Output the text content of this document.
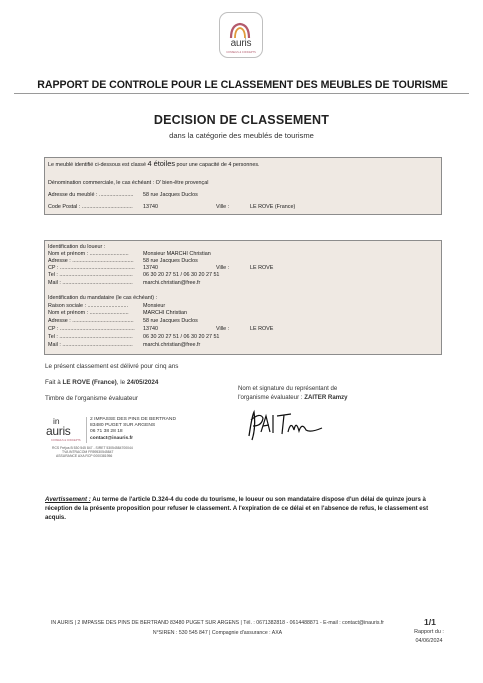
auris
CONSEILS & CONCEPTS
RAPPORT DE CONTROLE POUR LE CLASSEMENT DES MEUBLES DE TOURISME
DECISION DE CLASSEMENT
dans la catégorie des meublés de tourisme
Le meublé identifié ci-dessous est classé 4 étoiles pour une capacité de 4 personnes.
Dénomination commerciale, le cas échéant : O' bien-être provençal
Adresse du meublé : ....................... 58 rue Jacques Duclos
Code Postal : .................................. 13740	Ville :	LE ROVE (France)
Identification du loueur :
Nom et prénom : ..........................	Monsieur MARCHI Christian
Adresse : ......................................... 58 rue Jacques Duclos
CP : .................................................. 13740	Ville :	LE ROVE
Tel : ................................................. 06 30 20 27 51 / 06 30 20 27 51
Mail : ............................................... marchi.christian@free.fr
Identification du mandataire (le cas échéant) :
Raison sociale : ...........................	Monsieur
Nom et prénom : ..........................	MARCHI Christian
Adresse : ......................................... 58 rue Jacques Duclos
CP : .................................................. 13740	Ville :	LE ROVE
Tel : ................................................. 06 30 20 27 51 / 06 30 20 27 51
Mail : ............................................... marchi.christian@free.fr
Le présent classement est délivré pour cinq ans
Fait à LE ROVE (France), le 24/05/2024
Timbre de l'organisme évaluateur
Nom et signature du représentant de
l'organisme évaluateur : ZAITER Ramzy
in
auris
CONSEILS & CONCEPTS
2 IMPASSE DES PINS DE BERTRAND
83480 PUGET SUR ARGENS
06 71 38 28 18
contact@inauris.fr
RCS Fréjus B 530 545 847 - SIRET 53054584700044
TVA INTRACOM FR59530545847
ASSURANCE AXA RCP 0000381956
Avertissement : Au terme de l'article D.324-4 du code du tourisme, le loueur ou son mandataire dispose d'un délai de quinze jours à réception de la présente proposition pour refuser le classement. A l'expiration de ce délai et en l'absence de refus, le classement est acquis.
IN AURIS | 2 IMPASSE DES PINS DE BERTRAND 83480 PUGET SUR ARGENS | Tél. : 0671382818 - 0614488871 - E-mail : contact@inauris.fr
N°SIREN : 530 545 847 | Compagnie d'assurance : AXA
1/1
Rapport du :
04/06/2024
